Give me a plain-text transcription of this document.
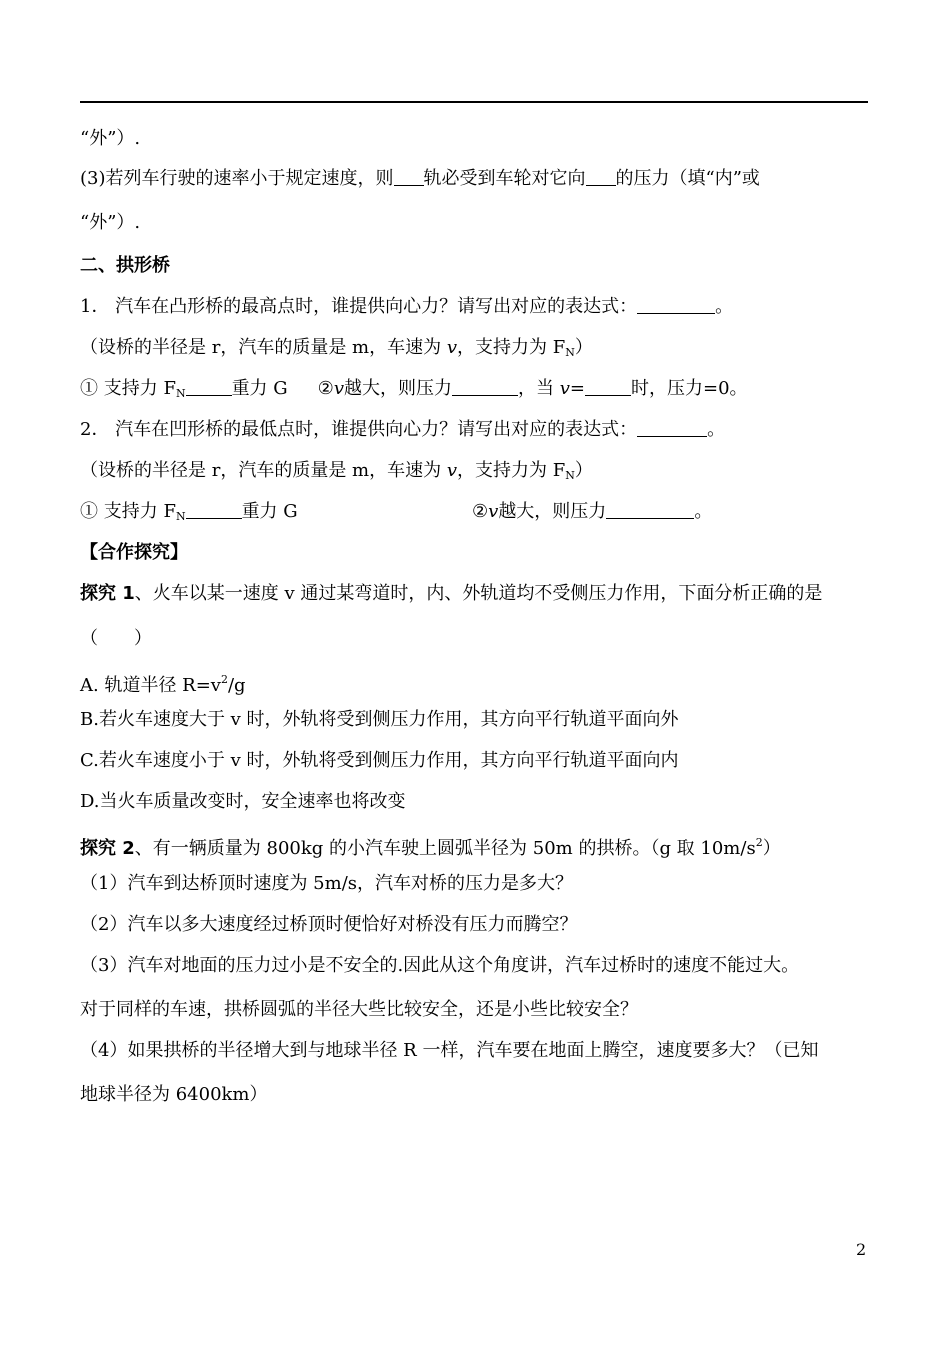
“外”）.
(3)若列车行驶的速率小于规定速度，则 轨必受到车轮对它向 的压力（填“内”或
“外”）.
二、拱形桥
1． 汽车在凸形桥的最高点时，谁提供向心力？请写出对应的表达式：	。
（设桥的半径是 r，汽车的质量是 m，车速为 v，支持力为 $F_N$）
① 支持力 $F_N$	重力 G ②v越大，则压力	，当 v=	时，压力=0。
2． 汽车在凹形桥的最低点时，谁提供向心力？请写出对应的表达式：	。
（设桥的半径是 r，汽车的质量是 m，车速为 v，支持力为 $F_N$）
① 支持力 $F_N$	重力 G	②v越大，则压力	。
【合作探究】
探究 1、火车以某一速度 v 通过某弯道时，内、外轨道均不受侧压力作用，下面分析正确的是
（　　）
A. 轨道半径 $R=v^2/g$
B.若火车速度大于 v 时，外轨将受到侧压力作用，其方向平行轨道平面向外
C.若火车速度小于 v 时，外轨将受到侧压力作用，其方向平行轨道平面向内
D.当火车质量改变时，安全速率也将改变
探究 2、有一辆质量为 800kg 的小汽车驶上圆弧半径为 50m 的拱桥。（g 取 $10m/s^2$）
（1）汽车到达桥顶时速度为 5m/s，汽车对桥的压力是多大？
（2）汽车以多大速度经过桥顶时便恰好对桥没有压力而腾空？
（3）汽车对地面的压力过小是不安全的.因此从这个角度讲，汽车过桥时的速度不能过大。
对于同样的车速，拱桥圆弧的半径大些比较安全，还是小些比较安全？
（4）如果拱桥的半径增大到与地球半径 R 一样，汽车要在地面上腾空，速度要多大？（已知
地球半径为 6400km）
2
